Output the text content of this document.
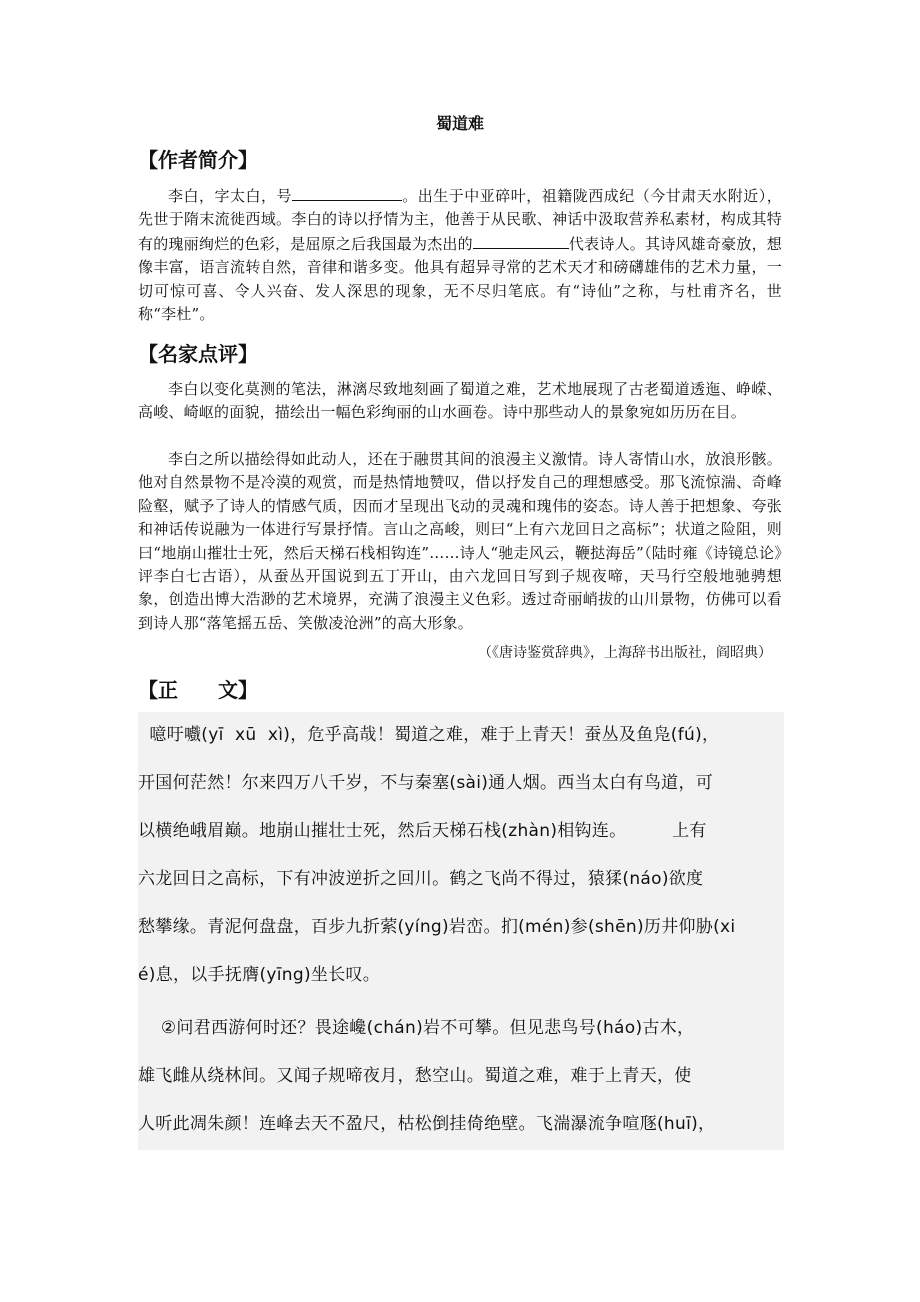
蜀道难
【作者简介】

李白，字太白，号	。出生于中亚碎叶，祖籍陇西成纪（今甘肃天水附近），先世于隋末流徙西域。李白的诗以抒情为主，他善于从民歌、神话中汲取营养私素材，构成其特有的瑰丽绚烂的色彩，是屈原之后我国最为杰出的	代表诗人。其诗风雄奇豪放，想像丰富，语言流转自然，音律和谐多变。他具有超异寻常的艺术天才和磅礴雄伟的艺术力量，一切可惊可喜、令人兴奋、发人深思的现象，无不尽归笔底。有“诗仙”之称，与杜甫齐名，世称“李杜”。

【名家点评】

李白以变化莫测的笔法，淋漓尽致地刻画了蜀道之难，艺术地展现了古老蜀道透迤、峥嵘、高峻、崎岖的面貌，描绘出一幅色彩绚丽的山水画卷。诗中那些动人的景象宛如历历在目。

李白之所以描绘得如此动人，还在于融贯其间的浪漫主义激情。诗人寄情山水，放浪形骸。他对自然景物不是冷漠的观赏，而是热情地赞叹，借以抒发自己的理想感受。那飞流惊湍、奇峰险壑，赋予了诗人的情感气质，因而才呈现出飞动的灵魂和瑰伟的姿态。诗人善于把想象、夸张和神话传说融为一体进行写景抒情。言山之高峻，则曰“上有六龙回日之高标”；状道之险阻，则曰“地崩山摧壮士死，然后天梯石栈相钩连”……诗人“驰走风云，鞭挞海岳”（陆时雍《诗镜总论》评李白七古语），从蚕丛开国说到五丁开山，由六龙回日写到子规夜啼，天马行空般地驰骋想象，创造出博大浩渺的艺术境界，充满了浪漫主义色彩。透过奇丽峭拔的山川景物，仿佛可以看到诗人那“落笔摇五岳、笑傲凌沧洲”的高大形象。

（《唐诗鉴赏辞典》，上海辞书出版社，阎昭典）
【正　　文】
噫吁嚱(yī  xū  xì)，危乎高哉！蜀道之难，难于上青天！蚕丛及鱼凫(fú)，
开国何茫然！尔来四万八千岁，不与秦塞(sài)通人烟。西当太白有鸟道，可
以横绝峨眉巅。地崩山摧壮士死，然后天梯石栈(zhàn)相钩连。        上有
六龙回日之高标，下有冲波逆折之回川。鹤之飞尚不得过，猿猱(náo)欲度
愁攀缘。青泥何盘盘，百步九折萦(yíng)岩峦。扪(mén)参(shēn)历井仰胁(xi
é)息，以手抚膺(yīng)坐长叹。
②问君西游何时还？畏途巉(chán)岩不可攀。但见悲鸟号(háo)古木，
雄飞雌从绕林间。又闻子规啼夜月，愁空山。蜀道之难，难于上青天，使
人听此凋朱颜！连峰去天不盈尺，枯松倒挂倚绝壁。飞湍瀑流争喧豗(huī)，
